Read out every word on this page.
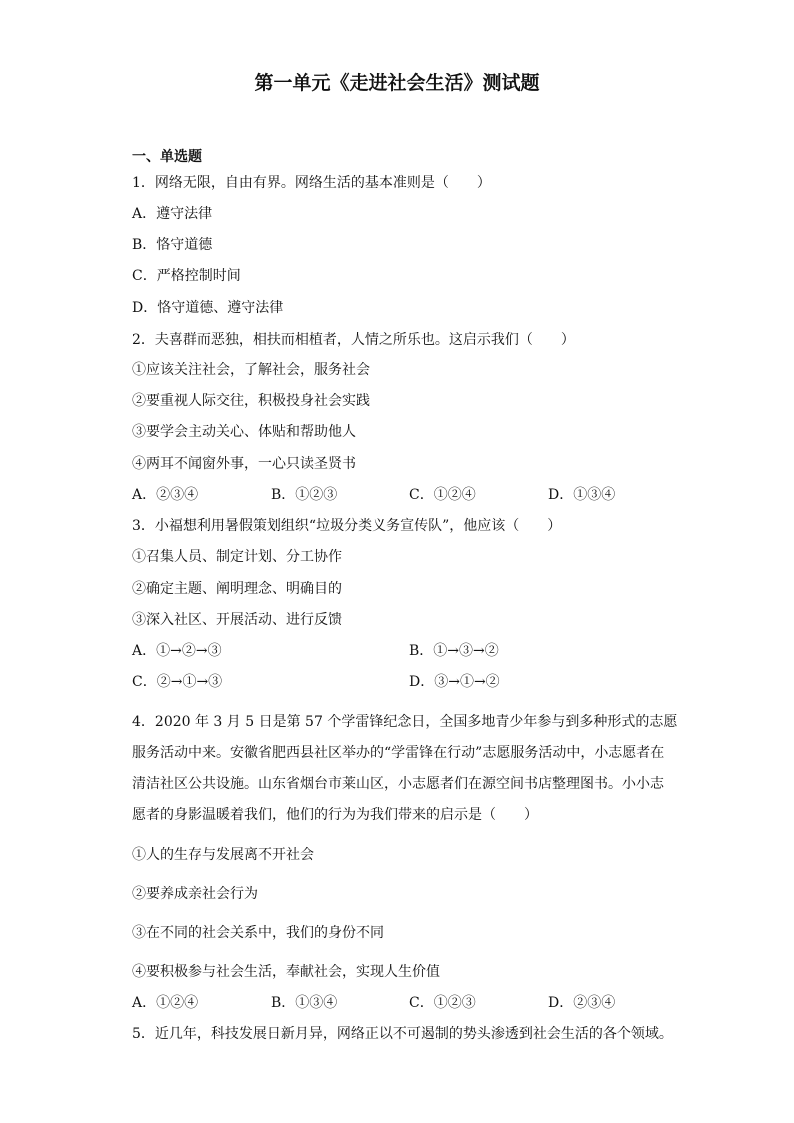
第一单元《走进社会生活》测试题
一、单选题
1．网络无限，自由有界。网络生活的基本准则是（　　）
A．遵守法律
B．恪守道德
C．严格控制时间
D．恪守道德、遵守法律
2．夫喜群而恶独，相扶而相植者，人情之所乐也。这启示我们（　　）
①应该关注社会，了解社会，服务社会
②要重视人际交往，积极投身社会实践
③要学会主动关心、体贴和帮助他人
④两耳不闻窗外事，一心只读圣贤书
A．②③④	B．①②③	C．①②④	D．①③④
3．小福想利用暑假策划组织“垃圾分类义务宣传队”，他应该（　　）
①召集人员、制定计划、分工协作
②确定主题、阐明理念、明确目的
③深入社区、开展活动、进行反馈
A．①→②→③	B．①→③→②
C．②→①→③	D．③→①→②
4．2020 年 3 月 5 日是第 57 个学雷锋纪念日，全国多地青少年参与到多种形式的志愿
服务活动中来。安徽省肥西县社区举办的“学雷锋在行动”志愿服务活动中，小志愿者在
清洁社区公共设施。山东省烟台市莱山区，小志愿者们在源空间书店整理图书。小小志
愿者的身影温暖着我们，他们的行为为我们带来的启示是（　　）
①人的生存与发展离不开社会
②要养成亲社会行为
③在不同的社会关系中，我们的身份不同
④要积极参与社会生活，奉献社会，实现人生价值
A．①②④	B．①③④	C．①②③	D．②③④
5．近几年，科技发展日新月异，网络正以不可遏制的势头渗透到社会生活的各个领域。
